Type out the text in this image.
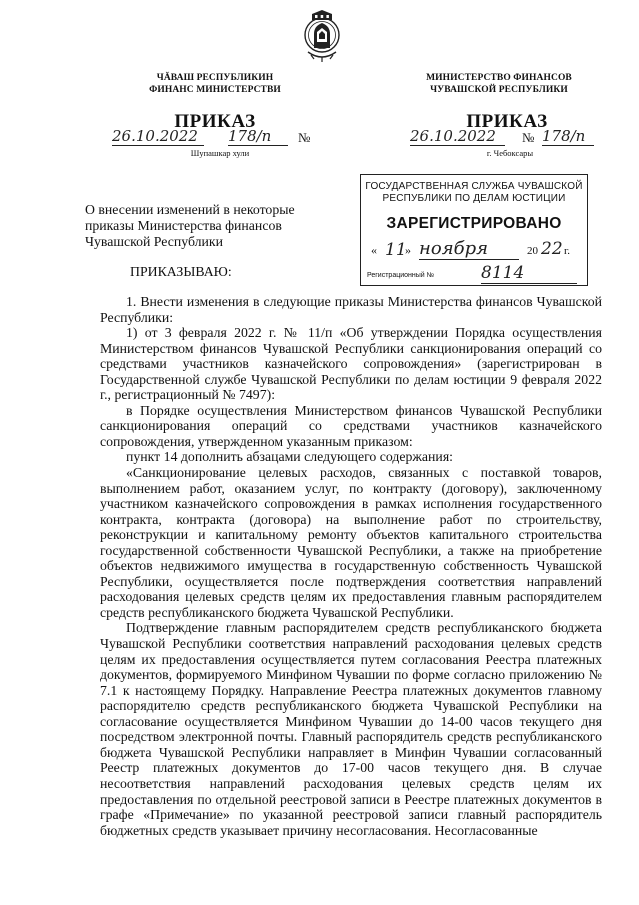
ЧĂВАШ РЕСПУБЛИКИН
ФИНАНС МИНИСТЕРСТВИ
ПРИКАЗ
26.10.2022	178/п	№
Шупашкар хули
МИНИСТЕРСТВО ФИНАНСОВ
ЧУВАШСКОЙ РЕСПУБЛИКИ
ПРИКАЗ
26.10.2022	№ 178/п
г. Чебоксары
ГОСУДАРСТВЕННАЯ СЛУЖБА ЧУВАШСКОЙ
РЕСПУБЛИКИ ПО ДЕЛАМ ЮСТИЦИИ
ЗАРЕГИСТРИРОВАНО
« 11
» ноября	20 22 г.
Регистрационный №	8114
О внесении изменений в некоторые
приказы Министерства финансов
Чувашской Республики
ПРИКАЗЫВАЮ:

1. Внести изменения в следующие приказы Министерства финансов Чувашской Республики:

1) от 3 февраля 2022 г. № 11/п «Об утверждении Порядка осуществления Министерством финансов Чувашской Республики санкционирования операций со средствами участников казначейского сопровождения» (зарегистрирован в Государственной службе Чувашской Республики по делам юстиции 9 февраля 2022 г., регистрационный № 7497):

в Порядке осуществления Министерством финансов Чувашской Республики санкционирования операций со средствами участников казначейского сопровождения, утвержденном указанным приказом:

пункт 14 дополнить абзацами следующего содержания:

«Санкционирование целевых расходов, связанных с поставкой товаров, выполнением работ, оказанием услуг, по контракту (договору), заключенному участником казначейского сопровождения в рамках исполнения государственного контракта, контракта (договора) на выполнение работ по строительству, реконструкции и капитальному ремонту объектов капитального строительства государственной собственности Чувашской Республики, а также на приобретение объектов недвижимого имущества в государственную собственность Чувашской Республики, осуществляется после подтверждения соответствия направлений расходования целевых средств целям их предоставления главным распорядителем средств республиканского бюджета Чувашской Республики.

Подтверждение главным распорядителем средств республиканского бюджета Чувашской Республики соответствия направлений расходования целевых средств целям их предоставления осуществляется путем согласования Реестра платежных документов, формируемого Минфином Чувашии по форме согласно приложению № 7.1 к настоящему Порядку. Направление Реестра платежных документов главному распорядителю средств республиканского бюджета Чувашской Республики на согласование осуществляется Минфином Чувашии до 14-00 часов текущего дня посредством электронной почты. Главный распорядитель средств республиканского бюджета Чувашской Республики направляет в Минфин Чувашии согласованный Реестр платежных документов до 17-00 часов текущего дня. В случае несоответствия направлений расходования целевых средств целям их предоставления по отдельной реестровой записи в Реестре платежных документов в графе «Примечание» по указанной реестровой записи главный распорядитель бюджетных средств указывает причину несогласования. Несогласованные
